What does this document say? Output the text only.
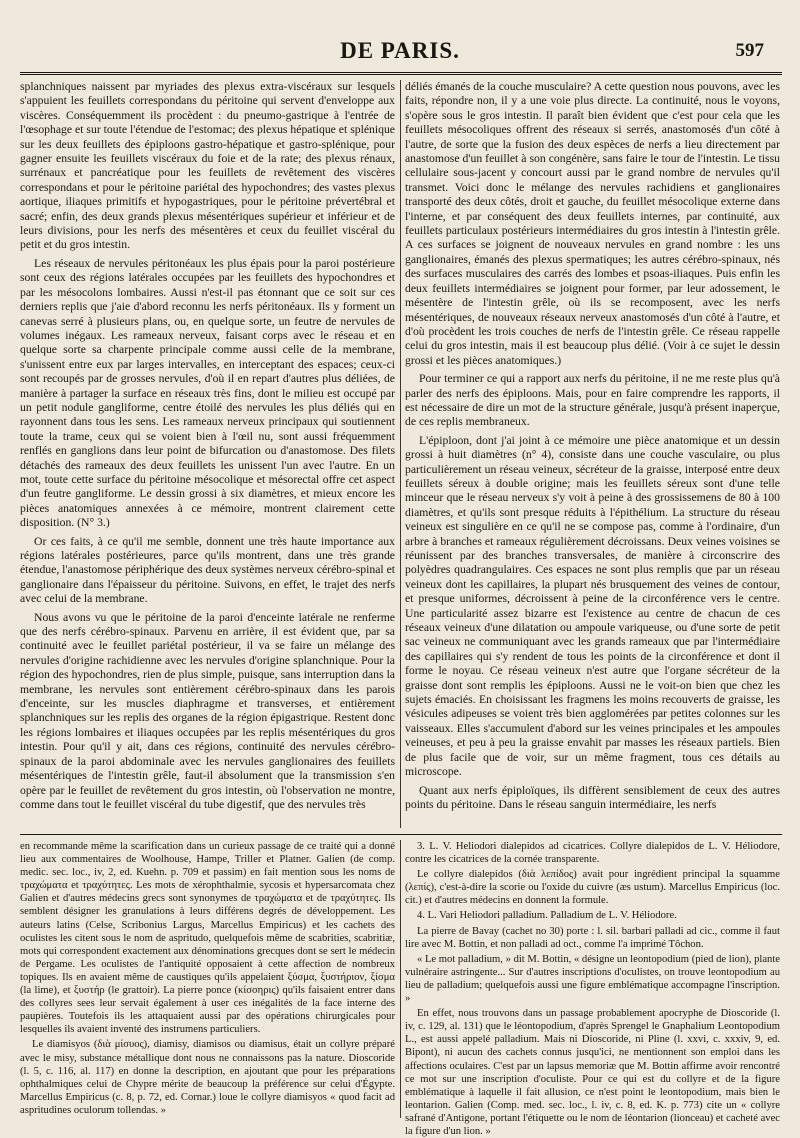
DE PARIS.	597

splanchniques naissent par myriades des plexus extra-viscéraux sur lesquels s'appuient les feuillets correspondans du péritoine qui servent d'enveloppe aux viscères. Conséquemment ils procèdent : du pneumo-gastrique à l'entrée de l'œsophage et sur toute l'étendue de l'estomac; des plexus hépatique et splénique sur les deux feuillets des épiploons gastro-hépatique et gastro-splénique, pour gagner ensuite les feuillets viscéraux du foie et de la rate; des plexus rénaux, surrénaux et pancréatique pour les feuillets de revêtement des viscères correspondans et pour le péritoine pariétal des hypochondres; des vastes plexus aortique, iliaques primitifs et hypogastriques, pour le péritoine prévertébral et sacré; enfin, des deux grands plexus mésentériques supérieur et inférieur et de leurs divisions, pour les nerfs des mésentères et ceux du feuillet viscéral du petit et du gros intestin.

Les réseaux de nervules péritonéaux les plus épais pour la paroi postérieure sont ceux des régions latérales occupées par les feuillets des hypochondres et par les mésocolons lombaires. Aussi n'est-il pas étonnant que ce soit sur ces derniers replis que j'aie d'abord reconnu les nerfs péritonéaux. Ils y forment un canevas serré à plusieurs plans, ou, en quelque sorte, un feutre de nervules de volumes inégaux. Les rameaux nerveux, faisant corps avec le réseau et en quelque sorte sa charpente principale comme aussi celle de la membrane, s'unissent entre eux par larges intervalles, en interceptant des espaces; ceux-ci sont recoupés par de grosses nervules, d'où il en repart d'autres plus déliées, de manière à partager la surface en réseaux très fins, dont le milieu est occupé par un petit nodule gangliforme, centre étoilé des nervules les plus déliés qui en rayonnent dans tous les sens. Les rameaux nerveux principaux qui soutiennent toute la trame, ceux qui se voient bien à l'œil nu, sont aussi fréquemment renflés en ganglions dans leur point de bifurcation ou d'anastomose. Des filets détachés des rameaux des deux feuillets les unissent l'un avec l'autre. En un mot, toute cette surface du péritoine mésocolique et mésorectal offre cet aspect d'un feutre gangliforme. Le dessin grossi à six diamètres, et mieux encore les pièces anatomiques annexées à ce mémoire, montrent clairement cette disposition. (N° 3.)

Or ces faits, à ce qu'il me semble, donnent une très haute importance aux régions latérales postérieures, parce qu'ils montrent, dans une très grande étendue, l'anastomose périphérique des deux systèmes nerveux cérébro-spinal et ganglionaire dans l'épaisseur du péritoine. Suivons, en effet, le trajet des nerfs avec celui de la membrane.

Nous avons vu que le péritoine de la paroi d'enceinte latérale ne renferme que des nerfs cérébro-spinaux. Parvenu en arrière, il est évident que, par sa continuité avec le feuillet pariétal postérieur, il va se faire un mélange des nervules d'origine rachidienne avec les nervules d'origine splanchnique. Pour la région des hypochondres, rien de plus simple, puisque, sans interruption dans la membrane, les nervules sont entièrement cérébro-spinaux dans les parois d'enceinte, sur les muscles diaphragme et transverses, et entièrement splanchniques sur les replis des organes de la région épigastrique. Restent donc les régions lombaires et iliaques occupées par les replis mésentériques du gros intestin. Pour qu'il y ait, dans ces régions, continuité des nervules cérébro-spinaux de la paroi abdominale avec les nervules ganglionaires des feuillets mésentériques de l'intestin grêle, faut-il absolument que la transmission s'en opère par le feuillet de revêtement du gros intestin, où l'observation ne montre, comme dans tout le feuillet viscéral du tube digestif, que des nervules très

déliés émanés de la couche musculaire? A cette question nous pouvons, avec les faits, répondre non, il y a une voie plus directe. La continuité, nous le voyons, s'opère sous le gros intestin. Il paraît bien évident que c'est pour cela que les feuillets mésocoliques offrent des réseaux si serrés, anastomosés d'un côté à l'autre, de sorte que la fusion des deux espèces de nerfs a lieu directement par anastomose d'un feuillet à son congénère, sans faire le tour de l'intestin. Le tissu cellulaire sous-jacent y concourt aussi par le grand nombre de nervules qu'il transmet. Voici donc le mélange des nervules rachidiens et ganglionaires transporté des deux côtés, droit et gauche, du feuillet mésocolique externe dans l'interne, et par conséquent des deux feuillets internes, par continuité, aux feuillets particulaux postérieurs intermédiaires du gros intestin à l'intestin grêle. A ces surfaces se joignent de nouveaux nervules en grand nombre : les uns ganglionaires, émanés des plexus spermatiques; les autres cérébro-spinaux, nés des surfaces musculaires des carrés des lombes et psoas-iliaques. Puis enfin les deux feuillets intermédiaires se joignent pour former, par leur adossement, le mésentère de l'intestin grêle, où ils se recomposent, avec les nerfs mésentériques, de nouveaux réseaux nerveux anastomosés d'un côté à l'autre, et d'où procèdent les trois couches de nerfs de l'intestin grêle. Ce réseau rappelle celui du gros intestin, mais il est beaucoup plus délié. (Voir à ce sujet le dessin grossi et les pièces anatomiques.)

Pour terminer ce qui a rapport aux nerfs du péritoine, il ne me reste plus qu'à parler des nerfs des épiploons. Mais, pour en faire comprendre les rapports, il est nécessaire de dire un mot de la structure générale, jusqu'à présent inaperçue, de ces replis membraneux.

L'épiploon, dont j'ai joint à ce mémoire une pièce anatomique et un dessin grossi à huit diamètres (n° 4), consiste dans une couche vasculaire, ou plus particulièrement un réseau veineux, sécréteur de la graisse, interposé entre deux feuillets séreux à double origine; mais les feuillets séreux sont d'une telle minceur que le réseau nerveux s'y voit à peine à des grossissemens de 80 à 100 diamètres, et qu'ils sont presque réduits à l'épithélium. La structure du réseau veineux est singulière en ce qu'il ne se compose pas, comme à l'ordinaire, d'un arbre à branches et rameaux régulièrement décroissans. Deux veines voisines se réunissent par des branches transversales, de manière à circonscrire des polyèdres quadrangulaires. Ces espaces ne sont plus remplis que par un réseau veineux dont les capillaires, la plupart nés brusquement des veines de contour, et presque uniformes, décroissent à peine de la circonférence vers le centre. Une particularité assez bizarre est l'existence au centre de chacun de ces réseaux veineux d'une dilatation ou ampoule variqueuse, ou d'une sorte de petit sac veineux ne communiquant avec les grands rameaux que par l'intermédiaire des capillaires qui s'y rendent de tous les points de la circonférence et dont il forme le noyau. Ce réseau veineux n'est autre que l'organe sécréteur de la graisse dont sont remplis les épiploons. Aussi ne le voit-on bien que chez les sujets émaciés. En choisissant les fragmens les moins recouverts de graisse, les vésicules adipeuses se voient très bien agglomérées par petites colonnes sur les vaisseaux. Elles s'accumulent d'abord sur les veines principales et les ampoules veineuses, et peu à peu la graisse envahit par masses les réseaux partiels. Bien de plus facile que de voir, sur un même fragment, tous ces détails au microscope.

Quant aux nerfs épiploïques, ils diffèrent sensiblement de ceux des autres points du péritoine. Dans le réseau sanguin intermédiaire, les nerfs

en recommande même la scarification dans un curieux passage de ce traité qui a donné lieu aux commentaires de Woolhouse, Hampe, Triller et Platner. Galien (de comp. medic. sec. loc., iv, 2, ed. Kuehn. p. 709 et passim) en fait mention sous les noms de τραχώματα et τραχύτητες. Les mots de xérophthalmie, sycosis et hypersarcomata chez Galien et d'autres médecins grecs sont synonymes de τραχώματα et de τραχύτητες. Ils semblent désigner les granulations à leurs différens degrés de développement. Les auteurs latins (Celse, Scribonius Largus, Marcellus Empiricus) et les cachets des oculistes les citent sous le nom de aspritudo, quelquefois même de scabrities, scabritiæ, mots qui correspondent exactement aux dénominations grecques dont se sert le médecin de Pergame. Les oculistes de l'antiquité opposaient à cette affection de nombreux topiques. Ils en avaient même de caustiques qu'ils appelaient ξύσμα, ξυστήριον, ξίσμα (la lime), et ξυστήρ (le grattoir). La pierre ponce (κίσσηρις) qu'ils faisaient entrer dans des collyres sees leur servait également à user ces inégalités de la face interne des paupières. Toutefois ils les attaquaient aussi par des opérations chirurgicales pour lesquelles ils avaient inventé des instrumens particuliers.

Le diamisyos (διὰ μίσυος), diamisy, diamisos ou diamisus, était un collyre préparé avec le misy, substance métallique dont nous ne connaissons pas la nature. Dioscoride (l. 5, c. 116, al. 117) en donne la description, en ajoutant que pour les préparations ophthalmiques celui de Chypre mérite de beaucoup la préférence sur celui d'Égypte. Marcellus Empiricus (c. 8, p. 72, ed. Cornar.) loue le collyre diamisyos « quod facit ad aspritudines oculorum tollendas. »

3. L. V. Heliodori dialepidos ad cicatrices. Collyre dialepidos de L. V. Héliodore, contre les cicatrices de la cornée transparente.

Le collyre dialepidos (διὰ λεπίδος) avait pour ingrédient principal la squamme (λεπίς), c'est-à-dire la scorie ou l'oxide du cuivre (æs ustum). Marcellus Empiricus (loc. cit.) et d'autres médecins en donnent la formule.

4. L. Vari Heliodori palladium. Palladium de L. V. Héliodore.

La pierre de Bavay (cachet no 30) porte : l. sil. barbari palladi ad cic., comme il faut lire avec M. Bottin, et non palladi ad oct., comme l'a imprimé Tôchon.

« Le mot palladium, » dit M. Bottin, « désigne un leontopodium (pied de lion), plante vulnéraire astringente... Sur d'autres inscriptions d'oculistes, on trouve leontopodium au lieu de palladium; quelquefois aussi une figure emblématique accompagne l'inscription. »

En effet, nous trouvons dans un passage probablement apocryphe de Dioscoride (l. iv, c. 129, al. 131) que le léontopodium, d'après Sprengel le Gnaphalium Leontopodium L., est aussi appelé palladium. Mais ni Dioscoride, ni Pline (l. xxvi, c. xxxiv, 9, ed. Bipont), ni aucun des cachets connus jusqu'ici, ne mentionnent son emploi dans les affections oculaires. C'est par un lapsus memoriæ que M. Bottin affirme avoir rencontré ce mot sur une inscription d'oculiste. Pour ce qui est du collyre et de la figure emblématique à laquelle il fait allusion, ce n'est point le leontopodium, mais bien le leontarion. Galien (Comp. med. sec. loc., l. iv, c. 8, ed. K. p. 773) cite un « collyre safrané d'Antigone, portant l'étiquette ou le nom de léontarion (lionceau) et cacheté avec la figure d'un lion. »
